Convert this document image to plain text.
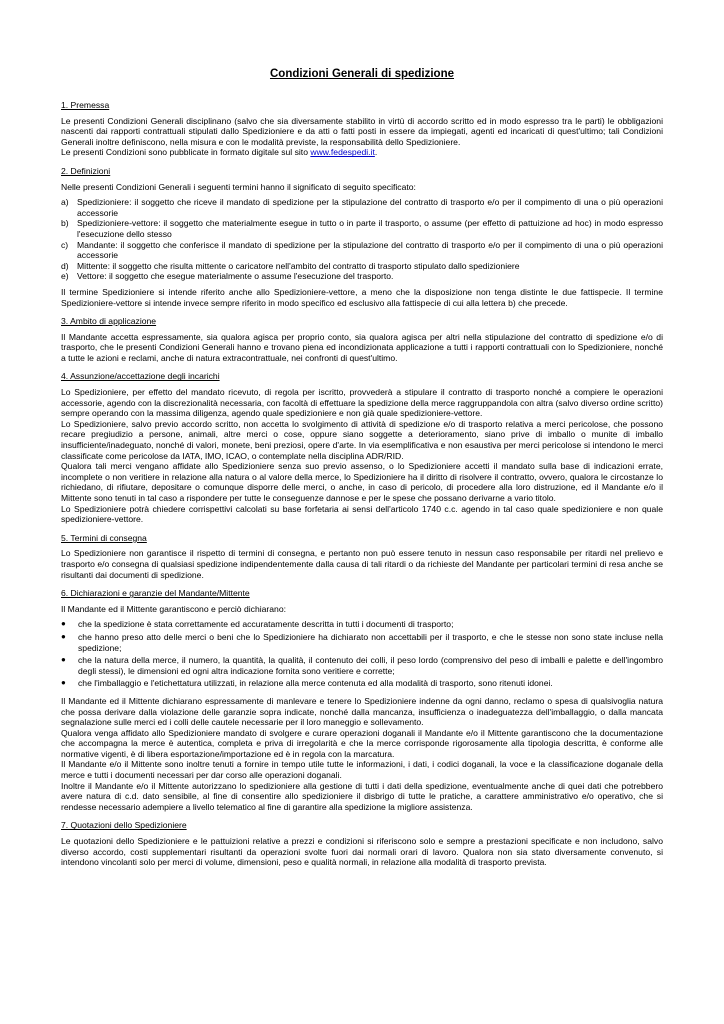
Condizioni Generali di spedizione
1. Premessa

Le presenti Condizioni Generali disciplinano (salvo che sia diversamente stabilito in virtù di accordo scritto ed in modo espresso tra le parti) le obbligazioni nascenti dai rapporti contrattuali stipulati dallo Spedizioniere e da atti o fatti posti in essere da impiegati, agenti ed incaricati di quest'ultimo; tali Condizioni Generali inoltre definiscono, nella misura e con le modalità previste, la responsabilità dello Spedizioniere.

Le presenti Condizioni sono pubblicate in formato digitale sul sito www.fedespedi.it.

2. Definizioni

Nelle presenti Condizioni Generali i seguenti termini hanno il significato di seguito specificato:

a) Spedizioniere: il soggetto che riceve il mandato di spedizione per la stipulazione del contratto di trasporto e/o per il compimento di una o più operazioni accessorie
b) Spedizioniere-vettore: il soggetto che materialmente esegue in tutto o in parte il trasporto, o assume (per effetto di pattuizione ad hoc) in modo espresso l'esecuzione dello stesso
c)	Mandante: il soggetto che conferisce il mandato di spedizione per la stipulazione del contratto di trasporto e/o per il compimento di una o più operazioni accessorie
d) Mittente: il soggetto che risulta mittente o caricatore nell'ambito del contratto di trasporto stipulato dallo spedizioniere
e) Vettore: il soggetto che esegue materialmente o assume l'esecuzione del trasporto.

Il termine Spedizioniere si intende riferito anche allo Spedizioniere-vettore, a meno che la disposizione non tenga distinte le due fattispecie. Il termine Spedizioniere-vettore si intende invece sempre riferito in modo specifico ed esclusivo alla fattispecie di cui alla lettera b) che precede.

3. Ambito di applicazione

Il Mandante accetta espressamente, sia qualora agisca per proprio conto, sia qualora agisca per altri nella stipulazione del contratto di spedizione e/o di trasporto, che le presenti Condizioni Generali hanno e trovano piena ed incondizionata applicazione a tutti i rapporti contrattuali con lo Spedizioniere, nonché a tutte le azioni e reclami, anche di natura extracontrattuale, nei confronti di quest'ultimo.

4. Assunzione/accettazione degli incarichi

Lo Spedizioniere, per effetto del mandato ricevuto, di regola per iscritto, provvederà a stipulare il contratto di trasporto nonché a compiere le operazioni accessorie, agendo con la discrezionalità necessaria, con facoltà di effettuare la spedizione della merce raggruppandola con altra (salvo diverso ordine scritto) sempre operando con la massima diligenza, agendo quale spedizioniere e non già quale spedizioniere-vettore.

Lo Spedizioniere, salvo previo accordo scritto, non accetta lo svolgimento di attività di spedizione e/o di trasporto relativa a merci pericolose, che possono recare pregiudizio a persone, animali, altre merci o cose, oppure siano soggette a deterioramento, siano prive di imballo o munite di imballo insufficiente/inadeguato, nonché di valori, monete, beni preziosi, opere d'arte. In via esemplificativa e non esaustiva per merci pericolose si intendono le merci classificate come pericolose da IATA, IMO, ICAO, o contemplate nella disciplina ADR/RID.

Qualora tali merci vengano affidate allo Spedizioniere senza suo previo assenso, o lo Spedizioniere accetti il mandato sulla base di indicazioni errate, incomplete o non veritiere in relazione alla natura o al valore della merce, lo Spedizioniere ha il diritto di risolvere il contratto, ovvero, qualora le circostanze lo richiedano, di rifiutare, depositare o comunque disporre delle merci, o anche, in caso di pericolo, di procedere alla loro distruzione, ed il Mandante e/o il Mittente sono tenuti in tal caso a rispondere per tutte le conseguenze dannose e per le spese che possano derivarne a vario titolo.

Lo Spedizioniere potrà chiedere corrispettivi calcolati su base forfetaria ai sensi dell'articolo 1740 c.c. agendo in tal caso quale spedizioniere e non quale spedizioniere-vettore.

5. Termini di consegna

Lo Spedizioniere non garantisce il rispetto di termini di consegna, e pertanto non può essere tenuto in nessun caso responsabile per ritardi nel prelievo e trasporto e/o consegna di qualsiasi spedizione indipendentemente dalla causa di tali ritardi o da richieste del Mandante per particolari termini di resa anche se risultanti dai documenti di spedizione.

6. Dichiarazioni e garanzie del Mandante/Mittente

Il Mandante ed il Mittente garantiscono e perciò dichiarano:

●	che la spedizione è stata correttamente ed accuratamente descritta in tutti i documenti di trasporto;
●	che hanno preso atto delle merci o beni che lo Spedizioniere ha dichiarato non accettabili per il trasporto, e che le stesse non sono state incluse nella spedizione;
●	che la natura della merce, il numero, la quantità, la qualità, il contenuto dei colli, il peso lordo (comprensivo del peso di imballi e palette e dell'ingombro degli stessi), le dimensioni ed ogni altra indicazione fornita sono veritiere e corrette;
●	che l'imballaggio e l'etichettatura utilizzati, in relazione alla merce contenuta ed alla modalità di trasporto, sono ritenuti idonei.

Il Mandante ed il Mittente dichiarano espressamente di manlevare e tenere lo Spedizioniere indenne da ogni danno, reclamo o spesa di qualsivoglia natura che possa derivare dalla violazione delle garanzie sopra indicate, nonché dalla mancanza, insufficienza o inadeguatezza dell'imballaggio, o dalla mancata segnalazione sulle merci ed i colli delle cautele necessarie per il loro maneggio e sollevamento.

Qualora venga affidato allo Spedizioniere mandato di svolgere e curare operazioni doganali il Mandante e/o il Mittente garantiscono che la documentazione che accompagna la merce è autentica, completa e priva di irregolarità e che la merce corrisponde rigorosamente alla tipologia descritta, è conforme alle normative vigenti, è di libera esportazione/importazione ed è in regola con la marcatura.

Il Mandante e/o il Mittente sono inoltre tenuti a fornire in tempo utile tutte le informazioni, i dati, i codici doganali, la voce e la classificazione doganale della merce e tutti i documenti necessari per dar corso alle operazioni doganali.

Inoltre il Mandante e/o il Mittente autorizzano lo spedizioniere alla gestione di tutti i dati della spedizione, eventualmente anche di quei dati che potrebbero avere natura di c.d. dato sensibile, al fine di consentire allo spedizioniere il disbrigo di tutte le pratiche, a carattere amministrativo e/o operativo, che si rendesse necessario adempiere a livello telematico al fine di garantire alla spedizione la migliore assistenza.

7. Quotazioni dello Spedizioniere

Le quotazioni dello Spedizioniere e le pattuizioni relative a prezzi e condizioni si riferiscono solo e sempre a prestazioni specificate e non includono, salvo diverso accordo, costi supplementari risultanti da operazioni svolte fuori dai normali orari di lavoro. Qualora non sia stato diversamente convenuto, si intendono vincolanti solo per merci di volume, dimensioni, peso e qualità normali, in relazione alla modalità di trasporto prevista.
